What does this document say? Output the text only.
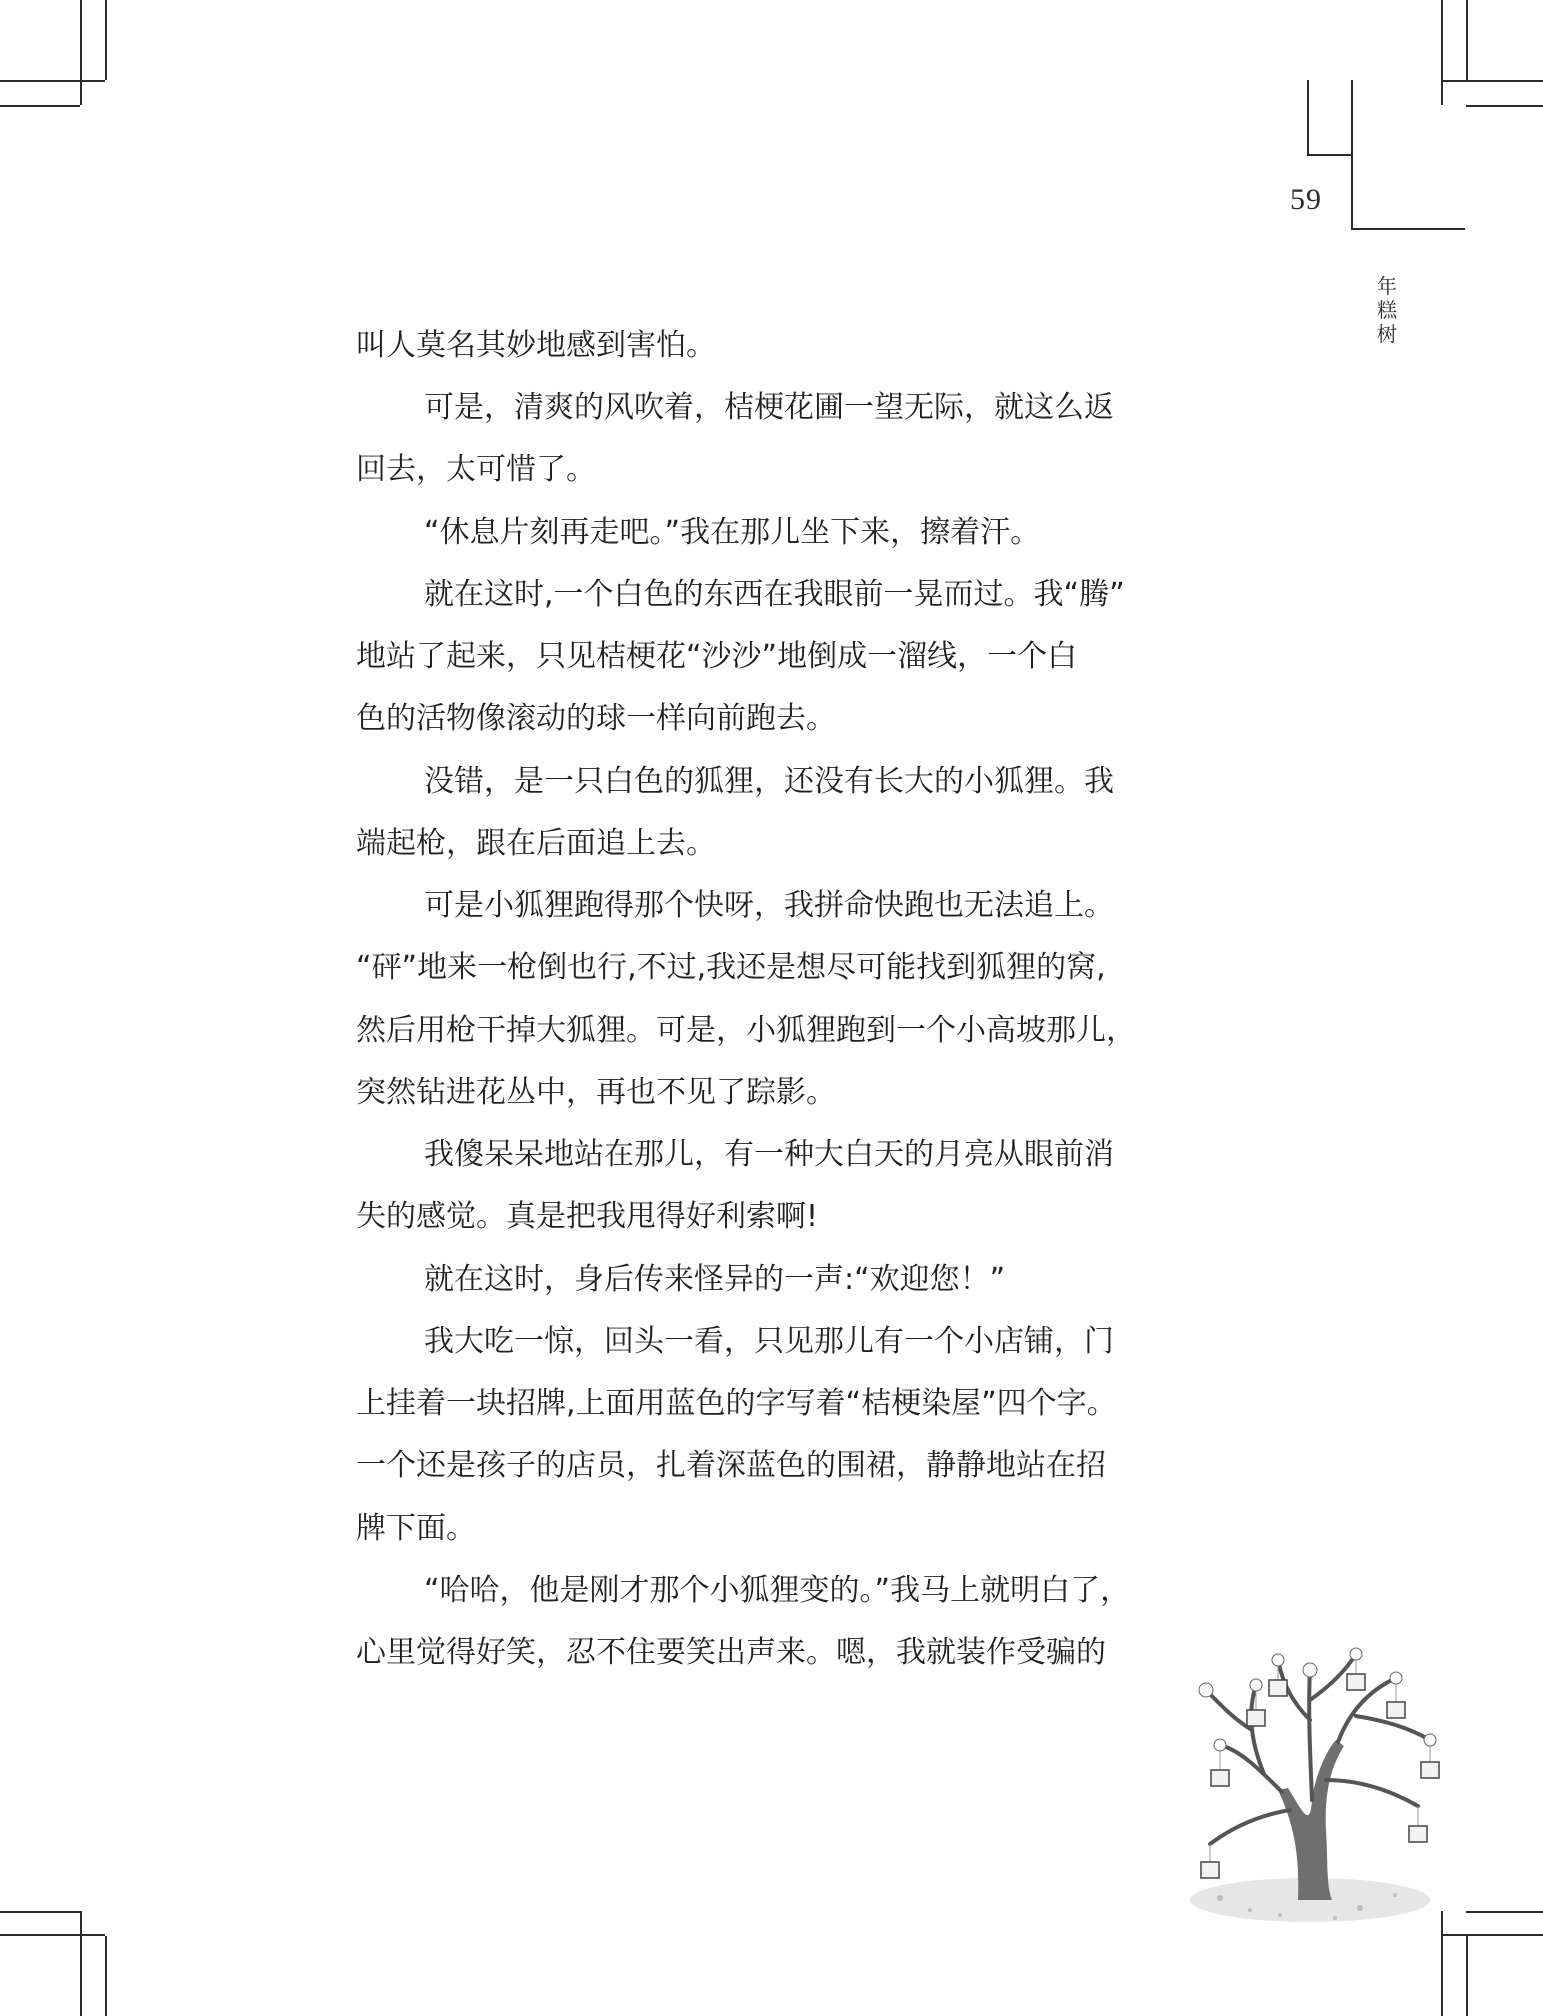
59
年
糕
树
叫人莫名其妙地感到害怕。
可是，清爽的风吹着，桔梗花圃一望无际，就这么返
回去，太可惜了。
“休息片刻再走吧。”我在那儿坐下来，擦着汗。
就在这时,一个白色的东西在我眼前一晃而过。我“腾”
地站了起来，只见桔梗花“沙沙”地倒成一溜线，一个白
色的活物像滚动的球一样向前跑去。
没错，是一只白色的狐狸，还没有长大的小狐狸。我
端起枪，跟在后面追上去。
可是小狐狸跑得那个快呀，我拼命快跑也无法追上。
“砰”地来一枪倒也行,不过,我还是想尽可能找到狐狸的窝,
然后用枪干掉大狐狸。可是，小狐狸跑到一个小高坡那儿，
突然钻进花丛中，再也不见了踪影。
我傻呆呆地站在那儿，有一种大白天的月亮从眼前消
失的感觉。真是把我甩得好利索啊!
就在这时，身后传来怪异的一声:“欢迎您！”
我大吃一惊，回头一看，只见那儿有一个小店铺，门
上挂着一块招牌,上面用蓝色的字写着“桔梗染屋”四个字。
一个还是孩子的店员，扎着深蓝色的围裙，静静地站在招
牌下面。
“哈哈，他是刚才那个小狐狸变的。”我马上就明白了，
心里觉得好笑，忍不住要笑出声来。嗯，我就装作受骗的
